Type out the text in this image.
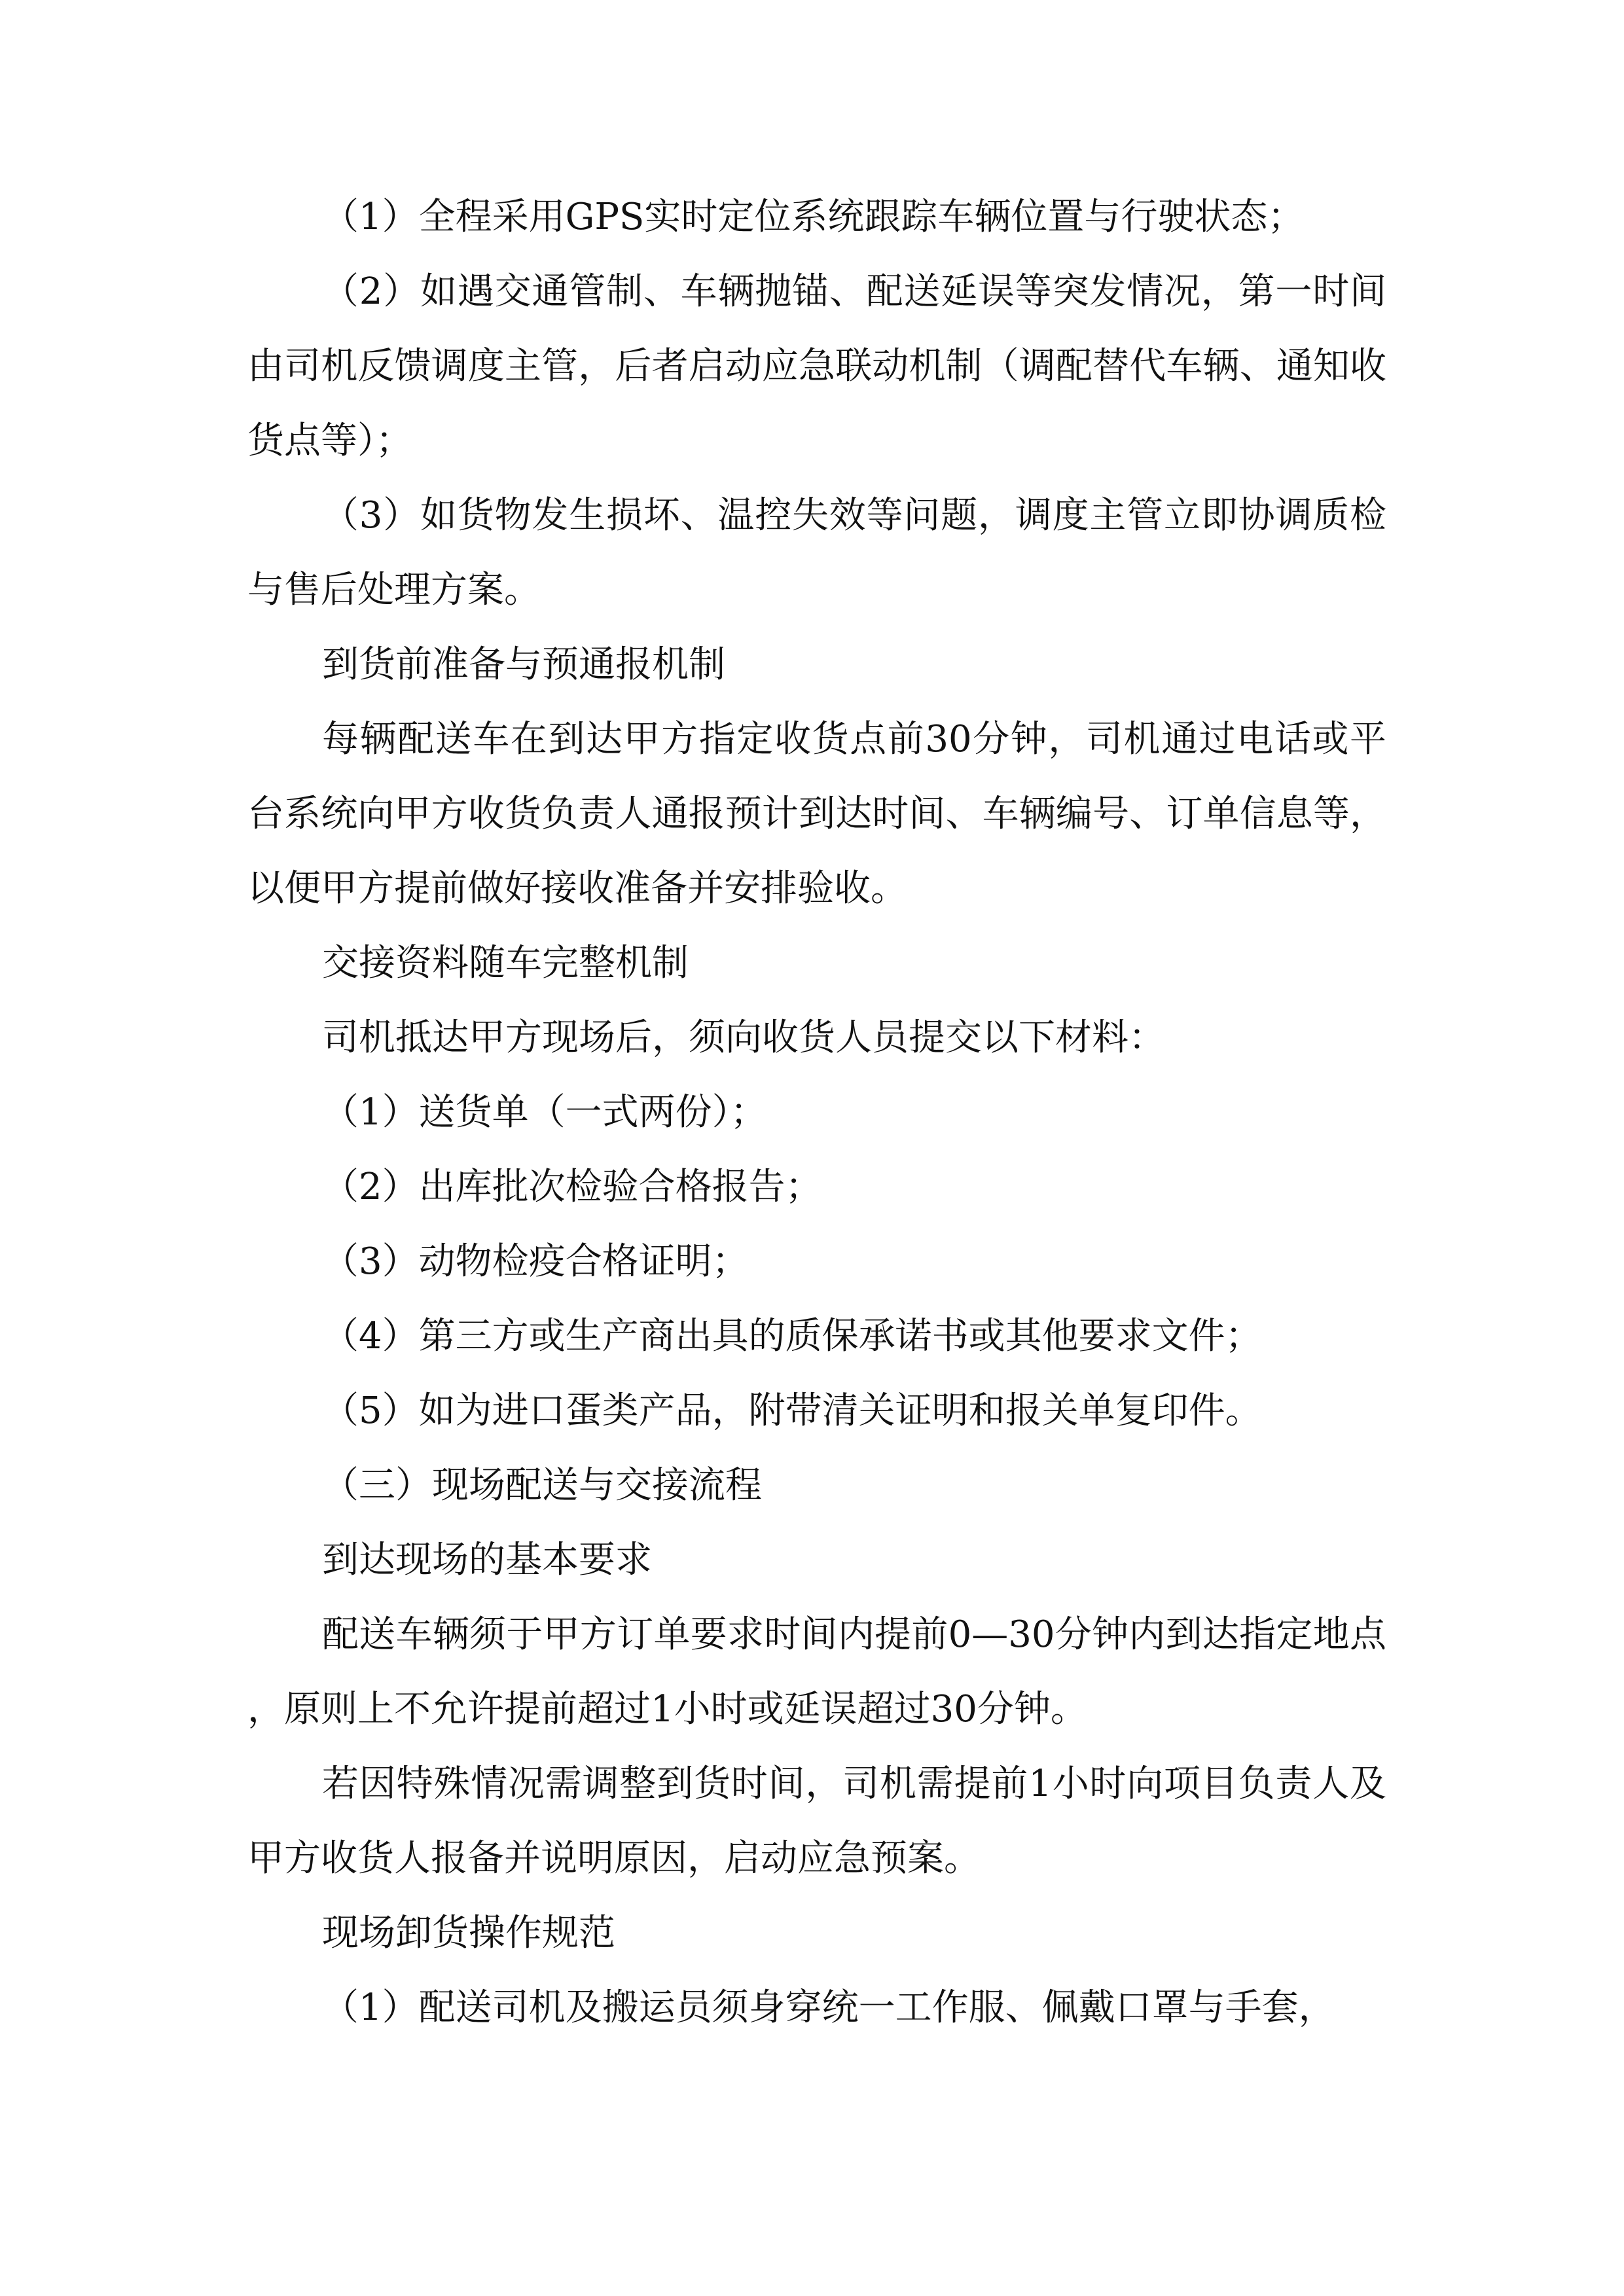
（1）全程采用GPS实时定位系统跟踪车辆位置与行驶状态；

（2）如遇交通管制、车辆抛锚、配送延误等突发情况，第一时间由司机反馈调度主管，后者启动应急联动机制（调配替代车辆、通知收货点等）；

（3）如货物发生损坏、温控失效等问题，调度主管立即协调质检与售后处理方案。

到货前准备与预通报机制

每辆配送车在到达甲方指定收货点前30分钟，司机通过电话或平台系统向甲方收货负责人通报预计到达时间、车辆编号、订单信息等，以便甲方提前做好接收准备并安排验收。

交接资料随车完整机制

司机抵达甲方现场后，须向收货人员提交以下材料：

（1）送货单（一式两份）；

（2）出库批次检验合格报告；

（3）动物检疫合格证明；

（4）第三方或生产商出具的质保承诺书或其他要求文件；

（5）如为进口蛋类产品，附带清关证明和报关单复印件。

（三）现场配送与交接流程

到达现场的基本要求

配送车辆须于甲方订单要求时间内提前0—30分钟内到达指定地点，原则上不允许提前超过1小时或延误超过30分钟。

若因特殊情况需调整到货时间，司机需提前1小时向项目负责人及甲方收货人报备并说明原因，启动应急预案。

现场卸货操作规范

（1）配送司机及搬运员须身穿统一工作服、佩戴口罩与手套，
